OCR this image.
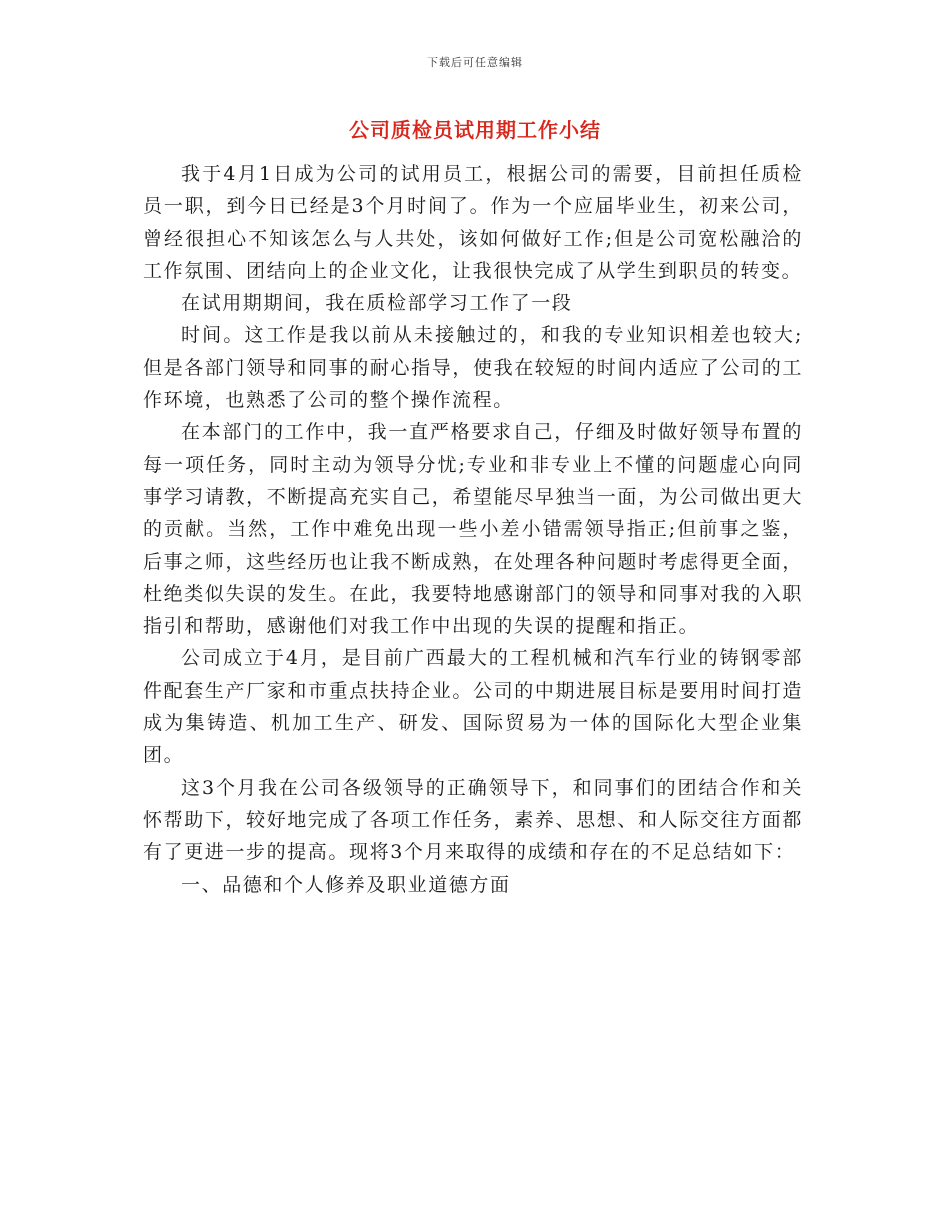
下载后可任意编辑
公司质检员试用期工作小结

我于4月1日成为公司的试用员工，根据公司的需要，目前担任质检员一职，到今日已经是3个月时间了。作为一个应届毕业生，初来公司，曾经很担心不知该怎么与人共处，该如何做好工作;但是公司宽松融洽的工作氛围、团结向上的企业文化，让我很快完成了从学生到职员的转变。

在试用期期间，我在质检部学习工作了一段

时间。这工作是我以前从未接触过的，和我的专业知识相差也较大;但是各部门领导和同事的耐心指导，使我在较短的时间内适应了公司的工作环境，也熟悉了公司的整个操作流程。

在本部门的工作中，我一直严格要求自己，仔细及时做好领导布置的每一项任务，同时主动为领导分忧;专业和非专业上不懂的问题虚心向同事学习请教，不断提高充实自己，希望能尽早独当一面，为公司做出更大的贡献。当然，工作中难免出现一些小差小错需领导指正;但前事之鉴，后事之师，这些经历也让我不断成熟，在处理各种问题时考虑得更全面，杜绝类似失误的发生。在此，我要特地感谢部门的领导和同事对我的入职指引和帮助，感谢他们对我工作中出现的失误的提醒和指正。

公司成立于4月，是目前广西最大的工程机械和汽车行业的铸钢零部件配套生产厂家和市重点扶持企业。公司的中期进展目标是要用时间打造成为集铸造、机加工生产、研发、国际贸易为一体的国际化大型企业集团。

这3个月我在公司各级领导的正确领导下，和同事们的团结合作和关怀帮助下，较好地完成了各项工作任务，素养、思想、和人际交往方面都有了更进一步的提高。现将3个月来取得的成绩和存在的不足总结如下：

一、品德和个人修养及职业道德方面
